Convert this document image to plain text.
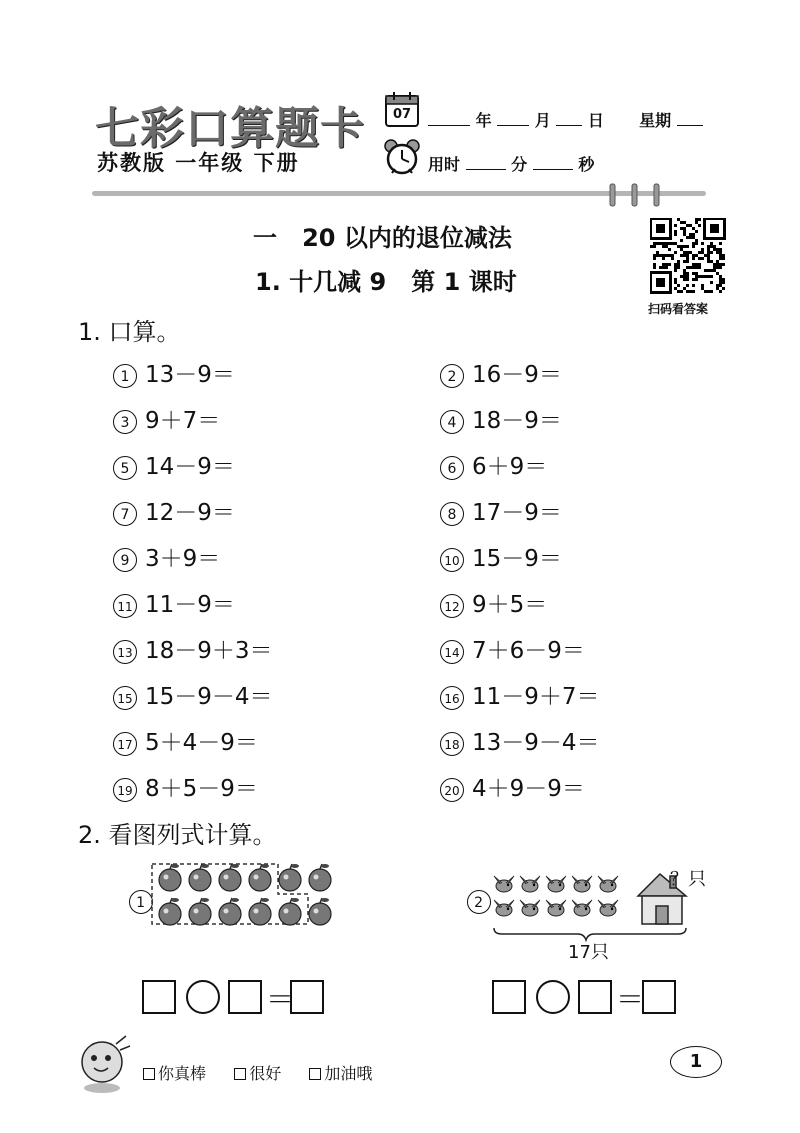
七彩口算题卡
苏教版 一年级 下册
07	年	月 日 星期
用时	分	秒
一   20 以内的退位减法
1. 十几减 9   第 1 课时
扫码看答案
1. 口算。
1 13－9＝	2 16－9＝
3 9＋7＝	4 18－9＝
5 14－9＝	6 6＋9＝
7 12－9＝	8 17－9＝
9 3＋9＝	10 15－9＝
11 11－9＝	12 9＋5＝
13 18－9＋3＝	14 7＋6－9＝
15 15－9－4＝	16 11－9＋7＝
17 5＋4－9＝	18 13－9－4＝
19 8＋5－9＝	20 4＋9－9＝
2. 看图列式计算。

1	2

？只
17只
＝	＝
你真棒	很好	加油哦
1
